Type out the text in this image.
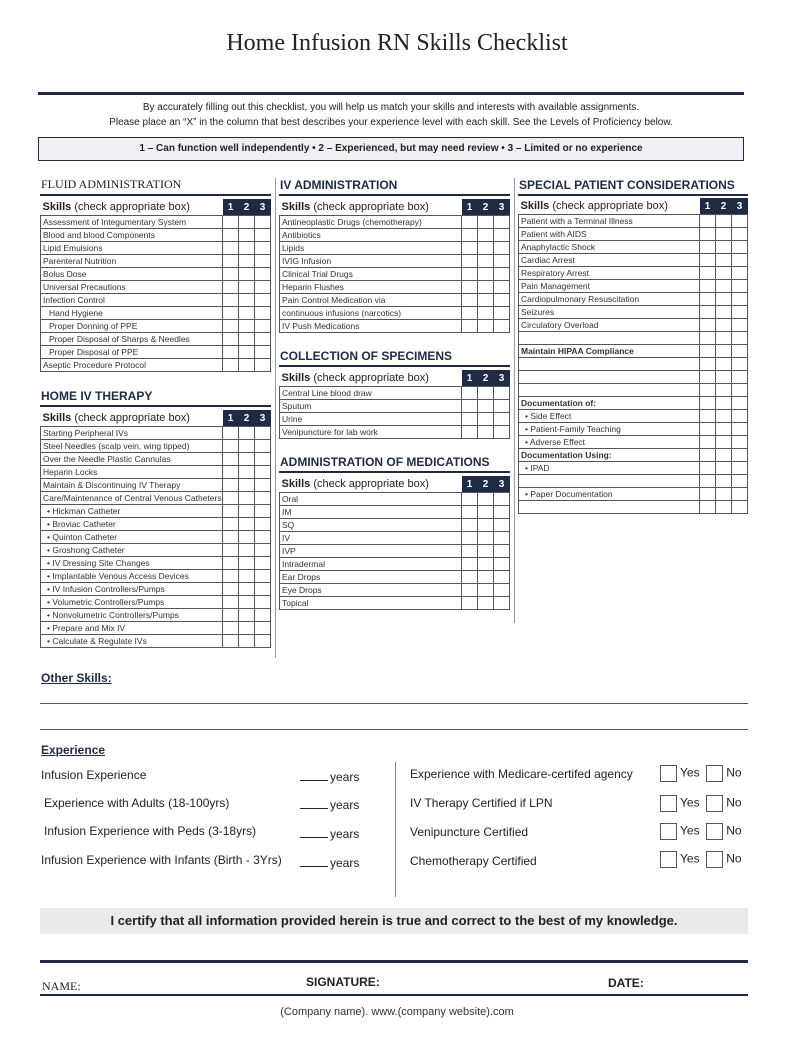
Home Infusion RN Skills Checklist
By accurately filling out this checklist, you will help us match your skills and interests with available assignments.
Please place an “X” in the column that best describes your experience level with each skill. See the Levels of Proficiency below.
1 – Can function well independently • 2 – Experienced, but may need review • 3 – Limited or no experience
FLUID ADMINISTRATION
Skills (check appropriate box)	1	2	3
Assessment of Integumentary System			
Blood and blood Components			
Lipid Emulsions			
Parenteral Nutrition			
Bolus Dose			
Universal Precautions			
Infection Control			
Hand Hygiene			
Proper Donning of PPE			
Proper Disposal of Sharps & Needles			
Proper Disposal of PPE			
Aseptic Procedure Protocol			
HOME IV THERAPY
Skills (check appropriate box)	1	2	3
Starting Peripheral IVs			
Steel Needles (scalp vein, wing tipped)			
Over the Needle Plastic Cannulas			
Heparin Locks			
Maintain & Discontinuing IV Therapy			
Care/Maintenance of Central Venous Catheters			
• Hickman Catheter			
• Broviac Catheter			
• Quinton Catheter			
• Groshong Catheter			
• IV Dressing Site Changes			
• Implantable Venous Access Devices			
• IV Infusion Controllers/Pumps			
• Volumetric Controllers/Pumps			
• Nonvolumetric Controllers/Pumps			
• Prepare and Mix IV			
• Calculate & Regulate IVs			
IV ADMINISTRATION
Skills (check appropriate box)	1	2	3
Antineoplastic Drugs (chemotherapy)			
Antibiotics			
Lipids			
IVIG Infusion			
Clinical Trial Drugs			
Heparin Flushes			
Pain Control Medication via			
continuous infusions (narcotics)			
IV Push Medications			
COLLECTION OF SPECIMENS
Skills (check appropriate box)	1	2	3
Central Line blood draw			
Sputum			
Urine			
Venipuncture for lab work			
ADMINISTRATION OF MEDICATIONS
Skills (check appropriate box)	1	2	3
Oral			
IM			
SQ			
IV			
IVP			
Intradermal			
Ear Drops			
Eye Drops			
Topical			
SPECIAL PATIENT CONSIDERATIONS
Skills (check appropriate box)	1	2	3
Patient with a Terminal Illness			
Patient with AIDS			
Anaphylactic Shock			
Cardiac Arrest			
Respiratory Arrest			
Pain Management			
Cardiopulmonary Resuscitation			
Seizures			
Circulatory Overload			

Maintain HIPAA Compliance			

Documentation of:			
• Side Effect			
• Patient-Family Teaching			
• Adverse Effect			
Documentation Using:			
• IPAD			

• Paper Documentation			

Other Skills:
Experience
Infusion Experience	years
Experience with Adults (18-100yrs)	years
Infusion Experience with Peds (3-18yrs)	years
Infusion Experience with Infants (Birth - 3Yrs)	years
Experience with Medicare-certifed agency	Yes No
IV Therapy Certified if LPN	Yes No
Venipuncture Certified	Yes No
Chemotherapy Certified	Yes No
I certify that all information provided herein is true and correct to the best of my knowledge.
NAME:	SIGNATURE:	DATE:
(Company name). www.(company website).com
